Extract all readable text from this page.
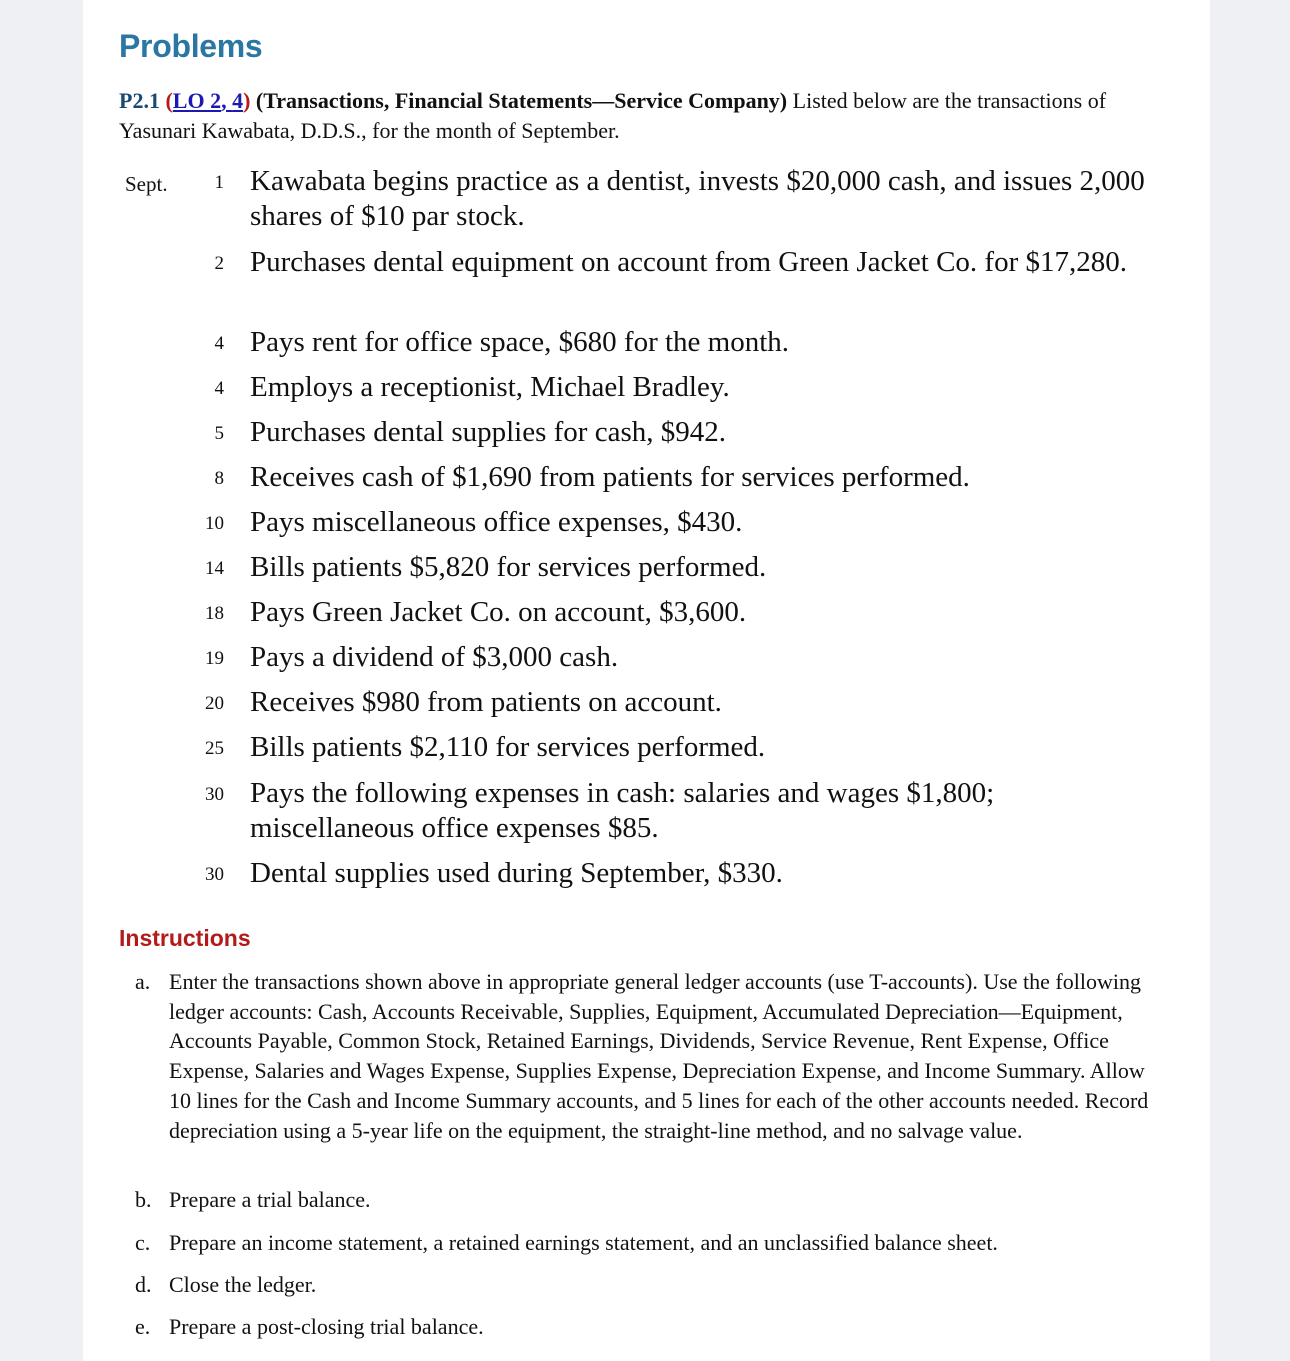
Problems

P2.1 (LO 2, 4) (Transactions, Financial Statements—Service Company) Listed below are the transactions of Yasunari Kawabata, D.D.S., for the month of September.

Sept.	1 Kawabata begins practice as a dentist, invests $20,000 cash, and issues 2,000 shares of $10 par stock.
2 Purchases dental equipment on account from Green Jacket Co. for $17,280.
4 Pays rent for office space, $680 for the month.
4 Employs a receptionist, Michael Bradley.
5 Purchases dental supplies for cash, $942.
8 Receives cash of $1,690 from patients for services performed.
10 Pays miscellaneous office expenses, $430.
14 Bills patients $5,820 for services performed.
18 Pays Green Jacket Co. on account, $3,600.
19 Pays a dividend of $3,000 cash.
20 Receives $980 from patients on account.
25 Bills patients $2,110 for services performed.
30 Pays the following expenses in cash: salaries and wages $1,800; miscellaneous office expenses $85.
30 Dental supplies used during September, $330.
Instructions
a. Enter the transactions shown above in appropriate general ledger accounts (use T-accounts). Use the following ledger accounts: Cash, Accounts Receivable, Supplies, Equipment, Accumulated Depreciation—Equipment, Accounts Payable, Common Stock, Retained Earnings, Dividends, Service Revenue, Rent Expense, Office Expense, Salaries and Wages Expense, Supplies Expense, Depreciation Expense, and Income Summary. Allow 10 lines for the Cash and Income Summary accounts, and 5 lines for each of the other accounts needed. Record depreciation using a 5-year life on the equipment, the straight-line method, and no salvage value.
b. Prepare a trial balance.
c. Prepare an income statement, a retained earnings statement, and an unclassified balance sheet.
d. Close the ledger.
e. Prepare a post-closing trial balance.
